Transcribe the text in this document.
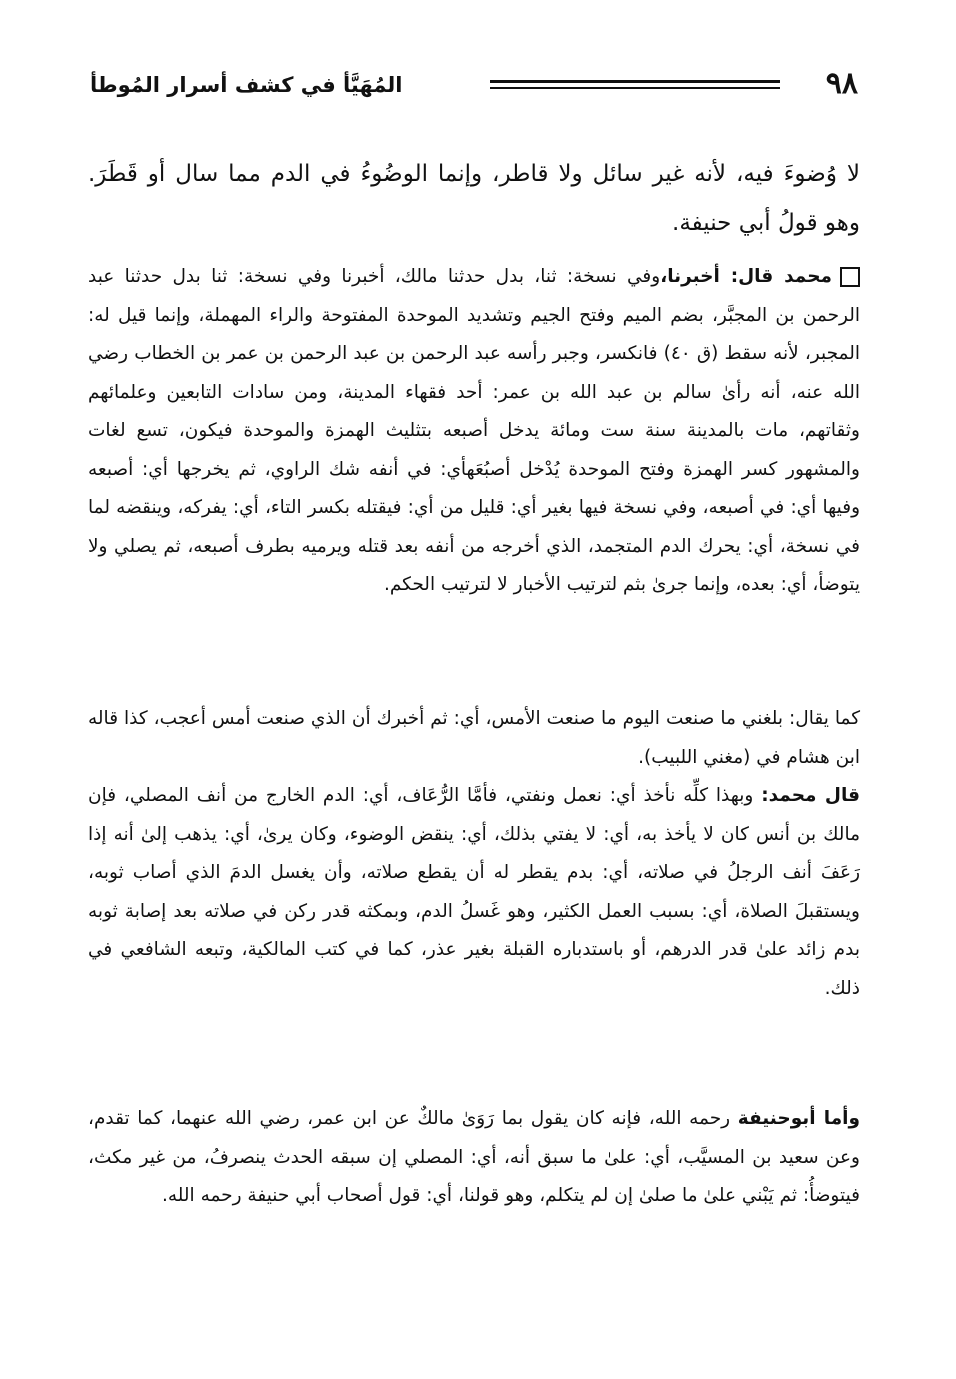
٩٨
المُهَيَّأ في كشف أسرار المُوطأ

لا وُضوءَ فيه، لأنه غير سائل ولا قاطر، وإنما الوضُوءُ في الدم مما سال أو قَطَرَ. وهو قولُ أبي حنيفة.

محمد قال: أخبرنا،وفي نسخة: ثنا، بدل حدثنا مالك، أخبرنا وفي نسخة: ثنا بدل حدثنا عبد الرحمن بن المجبَّر، بضم الميم وفتح الجيم وتشديد الموحدة المفتوحة والراء المهملة، وإنما قيل له: المجبر، لأنه سقط (ق ٤٠) فانكسر، وجبر رأسه عبد الرحمن بن عبد الرحمن بن عمر بن الخطاب رضي الله عنه، أنه رأىٰ سالم بن عبد الله بن عمر: أحد فقهاء المدينة، ومن سادات التابعين وعلمائهم وثقاتهم، مات بالمدينة سنة ست ومائة يدخل أصبعه بتثليث الهمزة والموحدة فيكون، تسع لغات والمشهور كسر الهمزة وفتح الموحدة يُدْخل أصبُعَهأي: في أنفه شك الراوي، ثم يخرجها أي: أصبعه وفيها أي: في أصبعه، وفي نسخة فيها بغير أي: قليل من أي: فيقتله بكسر التاء، أي: يفركه، وينقضه لما في نسخة، أي: يحرك الدم المتجمد، الذي أخرجه من أنفه بعد قتله ويرميه بطرف أصبعه، ثم يصلي ولا يتوضأ، أي: بعده، وإنما جرىٰ بثم لترتيب الأخبار لا لترتيب الحكم.

كما يقال: بلغني ما صنعت اليوم ما صنعت الأمس، أي: ثم أخبرك أن الذي صنعت أمس أعجب، كذا قاله ابن هشام في (مغني اللبيب).

قال محمد: وبهذا كلِّه نأخذ أي: نعمل ونفتي، فأمَّا الرُّعَاف، أي: الدم الخارج من أنف المصلي، فإن مالك بن أنس كان لا يأخذ به، أي: لا يفتي بذلك، أي: ينقض الوضوء، وكان يرىٰ، أي: يذهب إلىٰ أنه إذا رَعَفَ أنف الرجلُ في صلاته، أي: بدم يقطر له أن يقطع صلاته، وأن يغسل الدمَ الذي أصاب ثوبه، ويستقبلَ الصلاة، أي: بسبب العمل الكثير، وهو غَسلُ الدم، وبمكثه قدر ركن في صلاته بعد إصابة ثوبه بدم زائد علىٰ قدر الدرهم، أو باستدباره القبلة بغير عذر، كما في كتب المالكية، وتبعه الشافعي في ذلك.

وأما أبوحنيفة رحمه الله، فإنه كان يقول بما رَوَىٰ مالكٌ عن ابن عمر، رضي الله عنهما، كما تقدم، وعن سعيد بن المسيَّب، أي: علىٰ ما سبق أنه، أي: المصلي إن سبقه الحدث ينصرفُ، من غير مكث، فيتوضأُ: ثم يَبْني علىٰ ما صلىٰ إن لم يتكلم، وهو قولنا، أي: قول أصحاب أبي حنيفة رحمه الله.
